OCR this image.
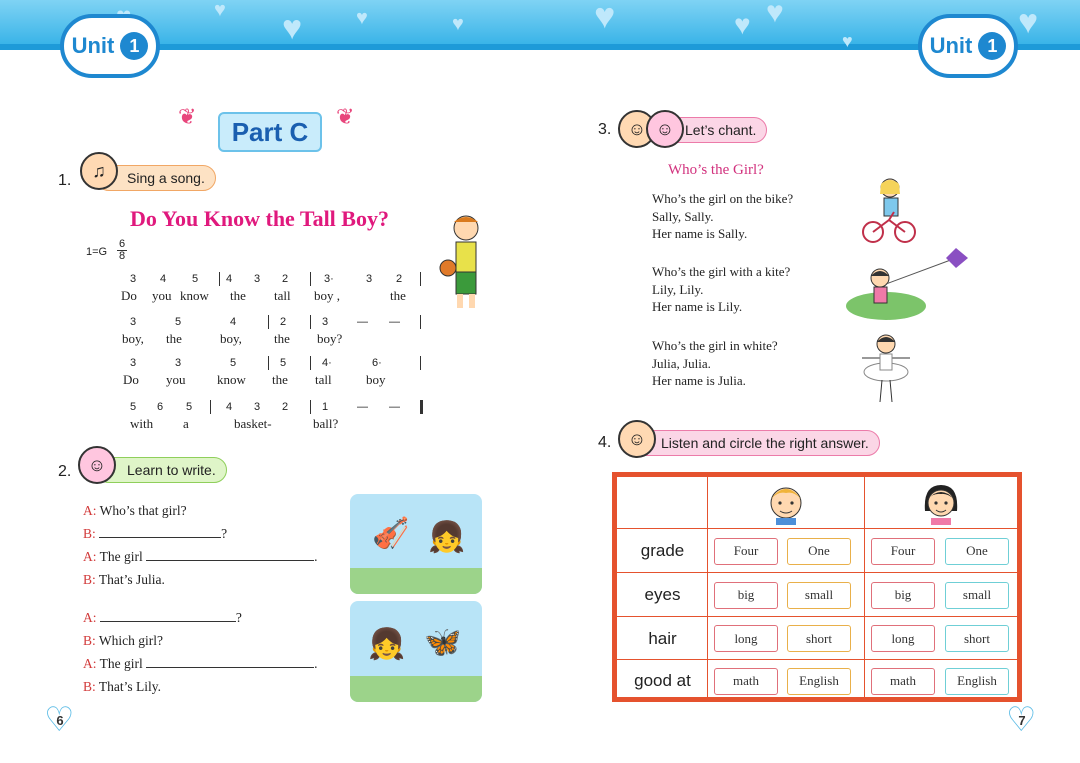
♥ ♥	♥	♥	♥	♥ ♥
♥	♥
Unit 1	Unit 1
❦	Part C	❦
1.	Sing a song.
♫
Do You Know the Tall Boy?
1=G
6
8
3 4 5	4 3 2	3·	3 2
Do you know the tall boy ,	the
3	5	4	2	3	— —
boy, the	boy, the boy?
3	3	5	5	4·	6·
Do you know the tall	boy
5 6 5	4 3 2	1	— —
with a	basket-	ball?
2.	Learn to write.
☺
A: Who’s that girl?
B:	?
A: The girl	.
B: That’s Julia.
A:	?
B: Which girl?
A: The girl	.
B: That’s Lily.
🎻 👧
👧 🦋
♡ 6
3.	Let’s chant.
☺ ☺
Who’s the Girl?
Who’s the girl on the bike?
Sally, Sally.
Her name is Sally.
Who’s the girl with a kite?
Lily, Lily.
Her name is Lily.
Who’s the girl in white?
Julia, Julia.
Her name is Julia.
4.	Listen and circle the right answer.
☺
grade	Four	One	Four	One
eyes	big	small	big	small
hair	long	short	long	short
good at	math	English	math	English
♡ 7
